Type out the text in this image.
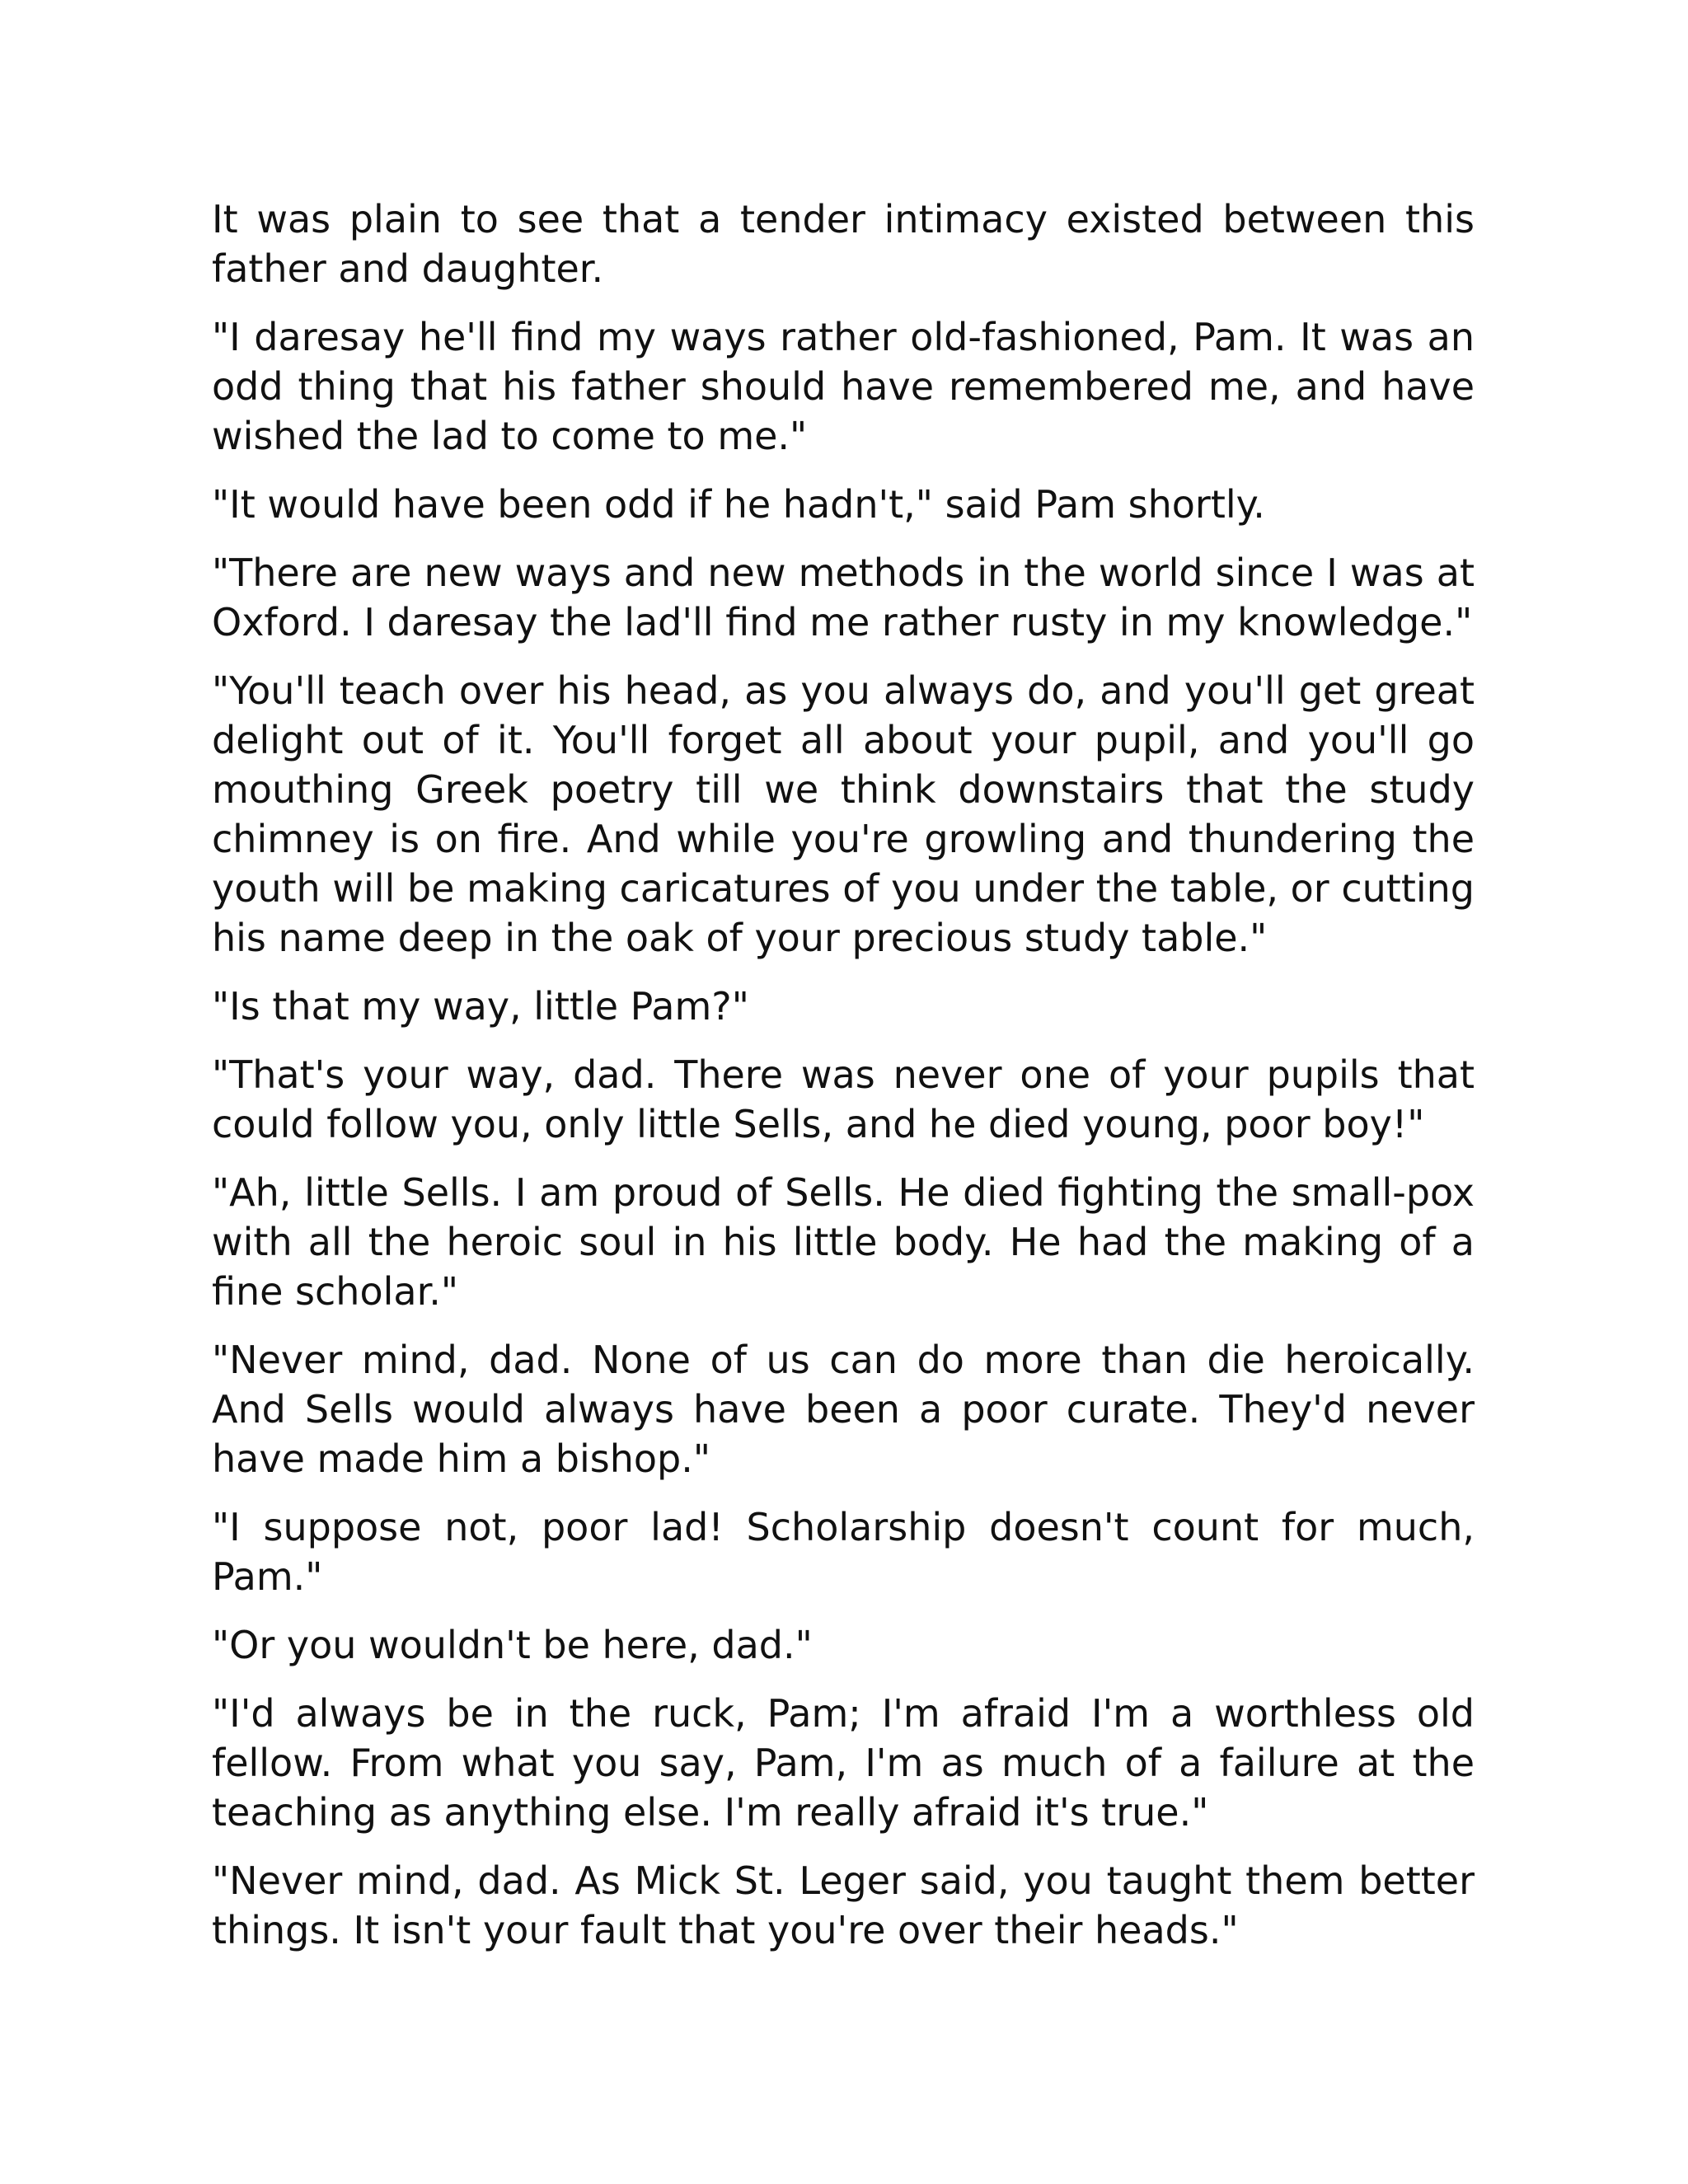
It was plain to see that a tender intimacy existed between this father and daughter.

"I daresay he'll find my ways rather old-fashioned, Pam. It was an odd thing that his father should have remembered me, and have wished the lad to come to me."

"It would have been odd if he hadn't," said Pam shortly.

"There are new ways and new methods in the world since I was at Oxford. I daresay the lad'll find me rather rusty in my knowledge."

"You'll teach over his head, as you always do, and you'll get great delight out of it. You'll forget all about your pupil, and you'll go mouthing Greek poetry till we think downstairs that the study chimney is on fire. And while you're growling and thundering the youth will be making caricatures of you under the table, or cutting his name deep in the oak of your precious study table."

"Is that my way, little Pam?"

"That's your way, dad. There was never one of your pupils that could follow you, only little Sells, and he died young, poor boy!"

"Ah, little Sells. I am proud of Sells. He died fighting the small-pox with all the heroic soul in his little body. He had the making of a fine scholar."

"Never mind, dad. None of us can do more than die heroically. And Sells would always have been a poor curate. They'd never have made him a bishop."

"I suppose not, poor lad! Scholarship doesn't count for much, Pam."

"Or you wouldn't be here, dad."

"I'd always be in the ruck, Pam; I'm afraid I'm a worthless old fellow. From what you say, Pam, I'm as much of a failure at the teaching as anything else. I'm really afraid it's true."

"Never mind, dad. As Mick St. Leger said, you taught them better things. It isn't your fault that you're over their heads."
